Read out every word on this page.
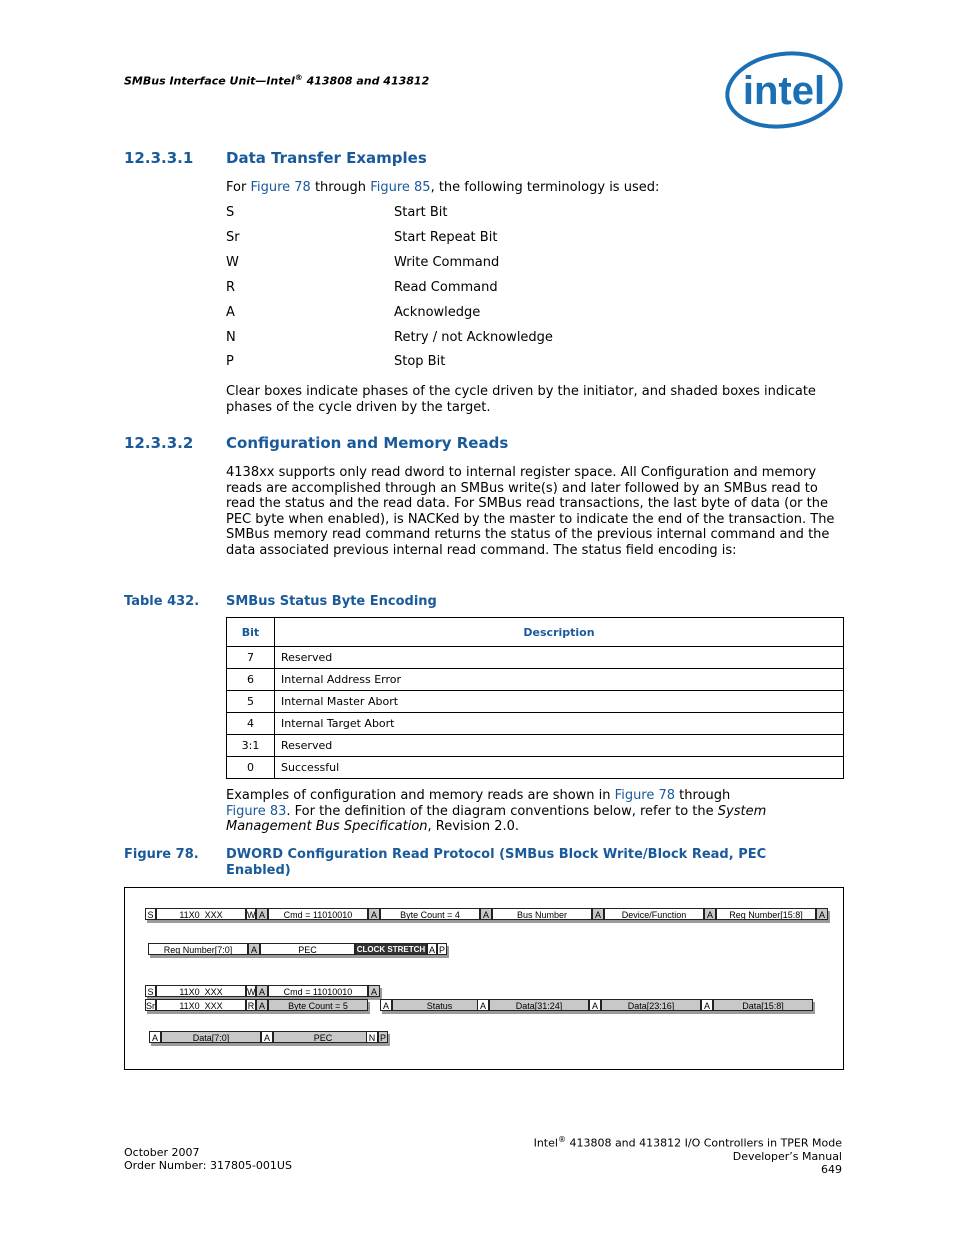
SMBus Interface Unit—Intel® 413808 and 413812	intel
12.3.3.1 Data Transfer Examples
For Figure 78 through Figure 85, the following terminology is used:
S	Start Bit
Sr	Start Repeat Bit
W	Write Command
R	Read Command
A	Acknowledge
N	Retry / not Acknowledge
P	Stop Bit
Clear boxes indicate phases of the cycle driven by the initiator, and shaded boxes indicate phases of the cycle driven by the target.
12.3.3.2 Configuration and Memory Reads
4138xx supports only read dword to internal register space. All Configuration and memory reads are accomplished through an SMBus write(s) and later followed by an SMBus read to read the status and the read data. For SMBus read transactions, the last byte of data (or the PEC byte when enabled), is NACKed by the master to indicate the end of the transaction. The SMBus memory read command returns the status of the previous internal command and the data associated previous internal read command. The status field encoding is:
Table 432. SMBus Status Byte Encoding
Bit	Description
7	Reserved
6	Internal Address Error
5	Internal Master Abort
4	Internal Target Abort
3:1	Reserved
0	Successful
Examples of configuration and memory reads are shown in Figure 78 through
Figure 83. For the definition of the diagram conventions below, refer to the System Management Bus Specification, Revision 2.0.
Figure 78. DWORD Configuration Read Protocol (SMBus Block Write/Block Read, PEC Enabled)
S	11X0_XXX	W A	Cmd = 11010010	A	Byte Count = 4	A	Bus Number	A	Device/Function	A	Reg Number[15:8]	A
Reg Number[7:0]	A	PEC	CLOCK STRETCH A P
S	11X0_XXX	W A	Cmd = 11010010	A
Sr	11X0_XXX	R A	Byte Count = 5	A	Status	A	Data[31:24]	A	Data[23:16]	A	Data[15:8]
A	Data[7:0]	A	PEC	N P
October 2007
Order Number: 317805-001US
Intel® 413808 and 413812 I/O Controllers in TPER Mode
Developer’s Manual
649
